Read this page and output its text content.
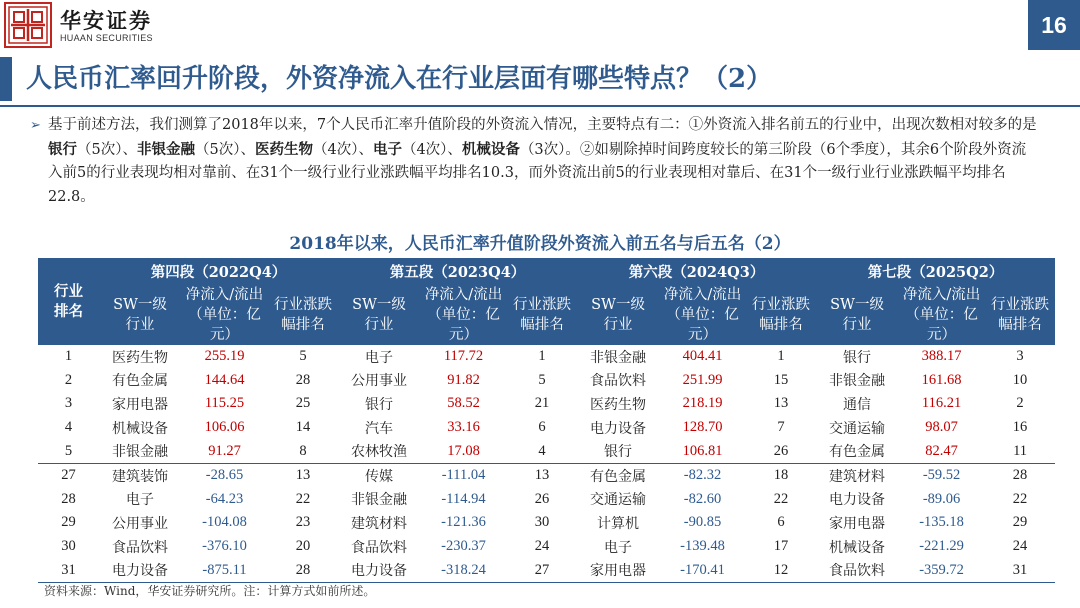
华安证券
HUAAN SECURITIES
16
人民币汇率回升阶段，外资净流入在行业层面有哪些特点？（2）
➢ 基于前述方法，我们测算了2018年以来，7个人民币汇率升值阶段的外资流入情况，主要特点有二：①外资流入排名前五的行业中，出现次数相对较多的是银行（5次）、非银金融（5次）、医药生物（4次）、电子（4次）、机械设备（3次）。②如剔除掉时间跨度较长的第三阶段（6个季度），其余6个阶段外资流入前5的行业表现均相对靠前、在31个一级行业行业涨跌幅平均排名10.3，而外资流出前5的行业表现相对靠后、在31个一级行业行业涨跌幅平均排名22.8。
2018年以来，人民币汇率升值阶段外资流入前五名与后五名（2）
行业排名	第四段（2022Q4）			第五段（2023Q4）			第六段（2024Q3）			第七段（2025Q2）		
	SW一级行业	净流入/流出（单位：亿元）	行业涨跌幅排名	SW一级行业	净流入/流出（单位：亿元）	行业涨跌幅排名	SW一级行业	净流入/流出（单位：亿元）	行业涨跌幅排名	SW一级行业	净流入/流出（单位：亿元）	行业涨跌幅排名
1	医药生物	255.19	5	电子	117.72	1	非银金融	404.41	1	银行	388.17	3
2	有色金属	144.64	28	公用事业	91.82	5	食品饮料	251.99	15	非银金融	161.68	10
3	家用电器	115.25	25	银行	58.52	21	医药生物	218.19	13	通信	116.21	2
4	机械设备	106.06	14	汽车	33.16	6	电力设备	128.70	7	交通运输	98.07	16
5	非银金融	91.27	8	农林牧渔	17.08	4	银行	106.81	26	有色金属	82.47	11
27	建筑装饰	-28.65	13	传媒	-111.04	13	有色金属	-82.32	18	建筑材料	-59.52	28
28	电子	-64.23	22	非银金融	-114.94	26	交通运输	-82.60	22	电力设备	-89.06	22
29	公用事业	-104.08	23	建筑材料	-121.36	30	计算机	-90.85	6	家用电器	-135.18	29
30	食品饮料	-376.10	20	食品饮料	-230.37	24	电子	-139.48	17	机械设备	-221.29	24
31	电力设备	-875.11	28	电力设备	-318.24	27	家用电器	-170.41	12	食品饮料	-359.72	31
资料来源：Wind，华安证券研究所。注：计算方式如前所述。
